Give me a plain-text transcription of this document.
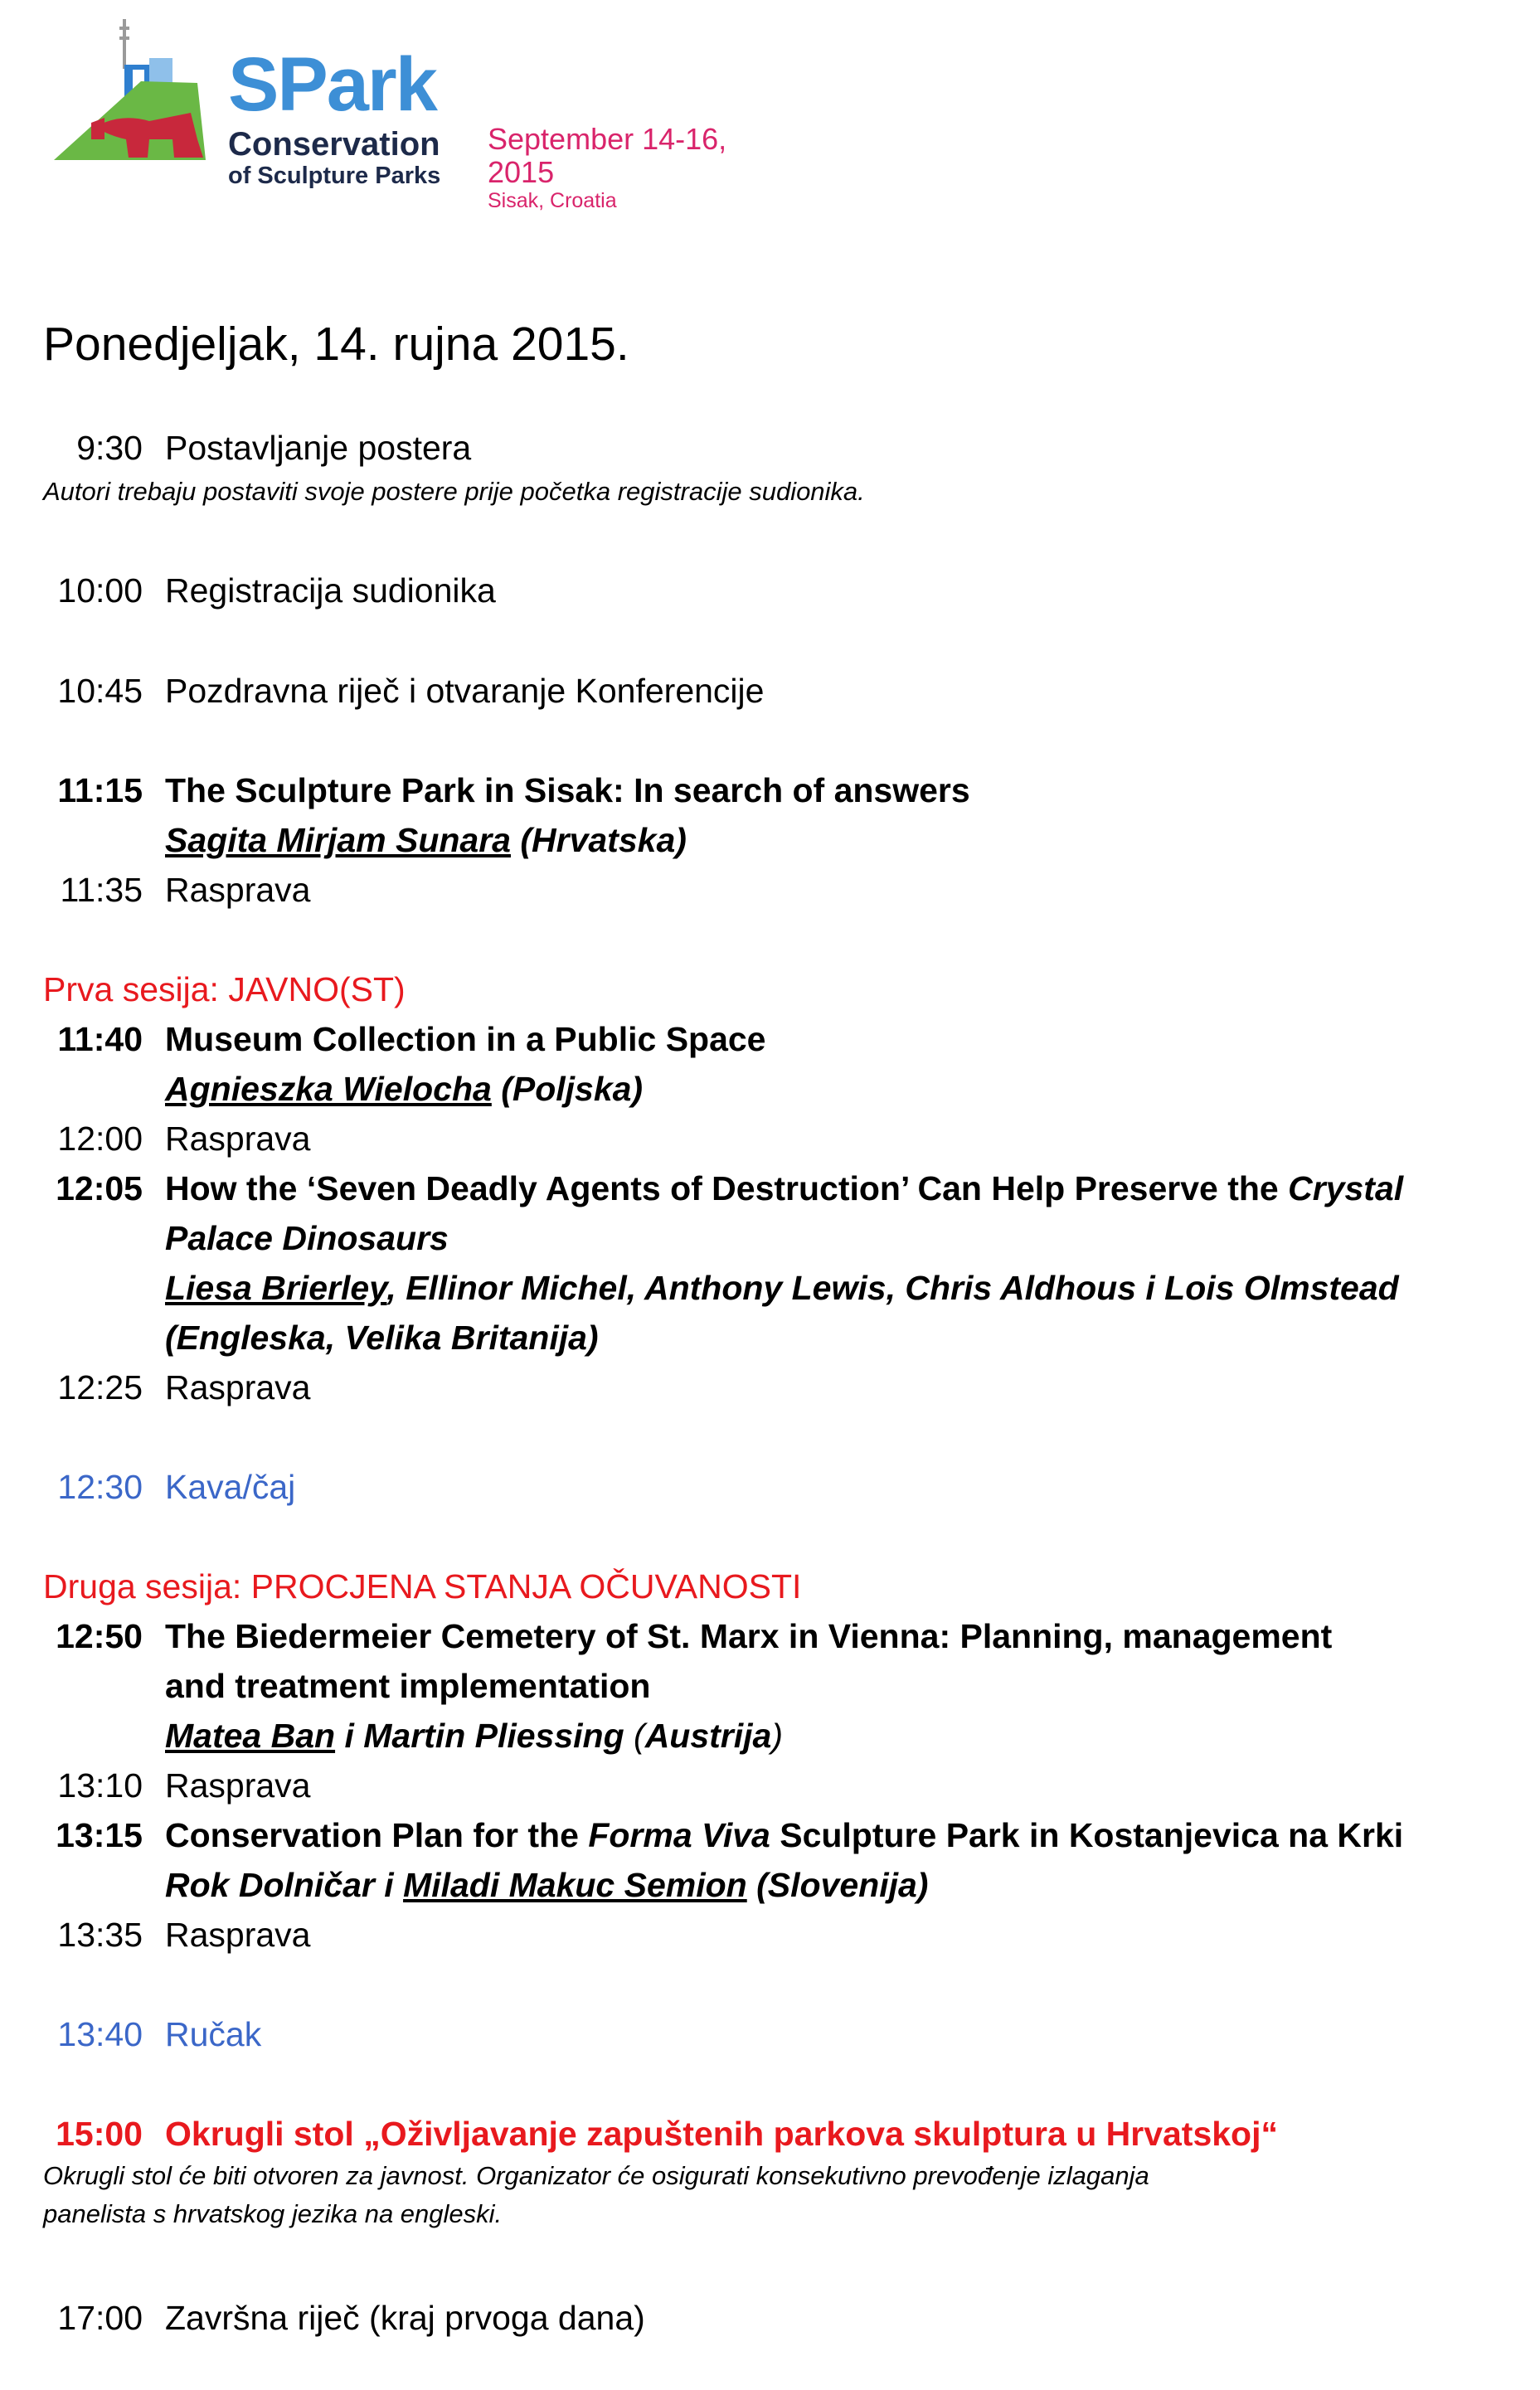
SPark
Conservation
of Sculpture Parks
September 14-16, 2015
Sisak, Croatia
Ponedjeljak, 14. rujna 2015.
9:30 Postavljanje postera
Autori trebaju postaviti svoje postere prije početka registracije sudionika.
10:00 Registracija sudionika
10:45 Pozdravna riječ i otvaranje Konferencije
11:15 The Sculpture Park in Sisak: In search of answers
Sagita Mirjam Sunara (Hrvatska)
11:35 Rasprava
Prva sesija: JAVNO(ST)
11:40 Museum Collection in a Public Space
Agnieszka Wielocha (Poljska)
12:00 Rasprava
12:05 How the ‘Seven Deadly Agents of Destruction’ Can Help Preserve the Crystal
Palace Dinosaurs
Liesa Brierley, Ellinor Michel, Anthony Lewis, Chris Aldhous i Lois Olmstead
(Engleska, Velika Britanija)
12:25 Rasprava
12:30 Kava/čaj
Druga sesija: PROCJENA STANJA OČUVANOSTI
12:50 The Biedermeier Cemetery of St. Marx in Vienna: Planning, management
and treatment implementation
Matea Ban i Martin Pliessing (Austrija)
13:10 Rasprava
13:15 Conservation Plan for the Forma Viva Sculpture Park in Kostanjevica na Krki
Rok Dolničar i Miladi Makuc Semion (Slovenija)
13:35 Rasprava
13:40 Ručak
15:00 Okrugli stol „Oživljavanje zapuštenih parkova skulptura u Hrvatskoj“
Okrugli stol će biti otvoren za javnost. Organizator će osigurati konsekutivno prevođenje izlaganja
panelista s hrvatskog jezika na engleski.
17:00 Završna riječ (kraj prvoga dana)
